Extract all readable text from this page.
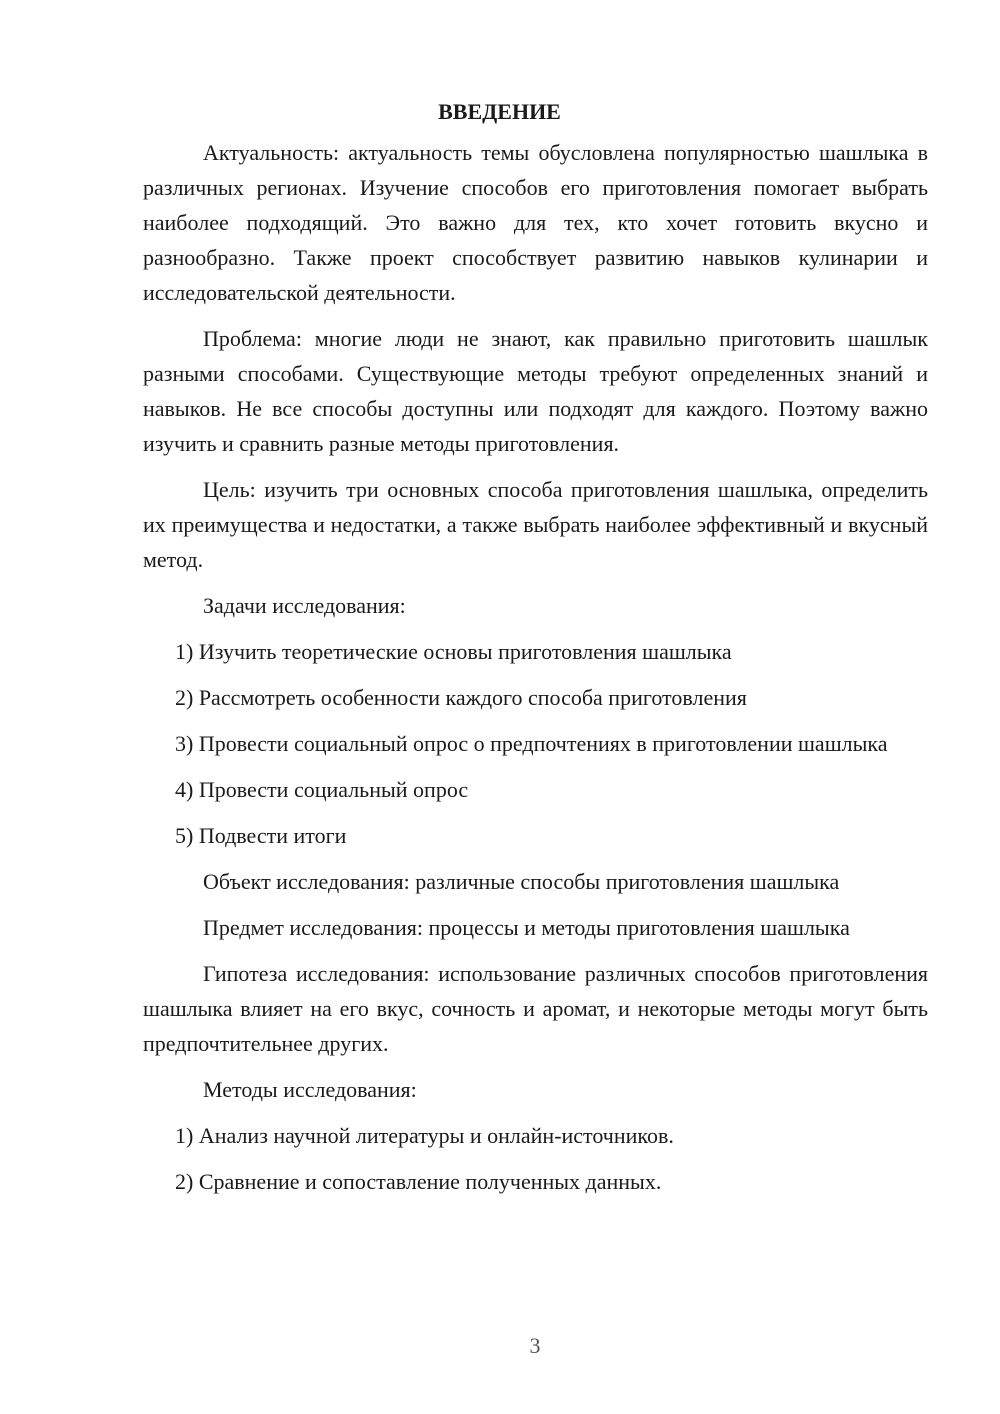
ВВЕДЕНИЕ

Актуальность: актуальность темы обусловлена популярностью шашлыка в различных регионах. Изучение способов его приготовления помогает выбрать наиболее подходящий. Это важно для тех, кто хочет готовить вкусно и разнообразно. Также проект способствует развитию навыков кулинарии и исследовательской деятельности.

Проблема: многие люди не знают, как правильно приготовить шашлык разными способами. Существующие методы требуют определенных знаний и навыков. Не все способы доступны или подходят для каждого. Поэтому важно изучить и сравнить разные методы приготовления.

Цель: изучить три основных способа приготовления шашлыка, определить их преимущества и недостатки, а также выбрать наиболее эффективный и вкусный метод.

Задачи исследования:

1) Изучить теоретические основы приготовления шашлыка

2) Рассмотреть особенности каждого способа приготовления

3) Провести социальный опрос о предпочтениях в приготовлении шашлыка

4) Провести социальный опрос

5) Подвести итоги

Объект исследования: различные способы приготовления шашлыка

Предмет исследования: процессы и методы приготовления шашлыка

Гипотеза исследования: использование различных способов приготовления шашлыка влияет на его вкус, сочность и аромат, и некоторые методы могут быть предпочтительнее других.

Методы исследования:

1) Анализ научной литературы и онлайн-источников.

2) Сравнение и сопоставление полученных данных.

3
